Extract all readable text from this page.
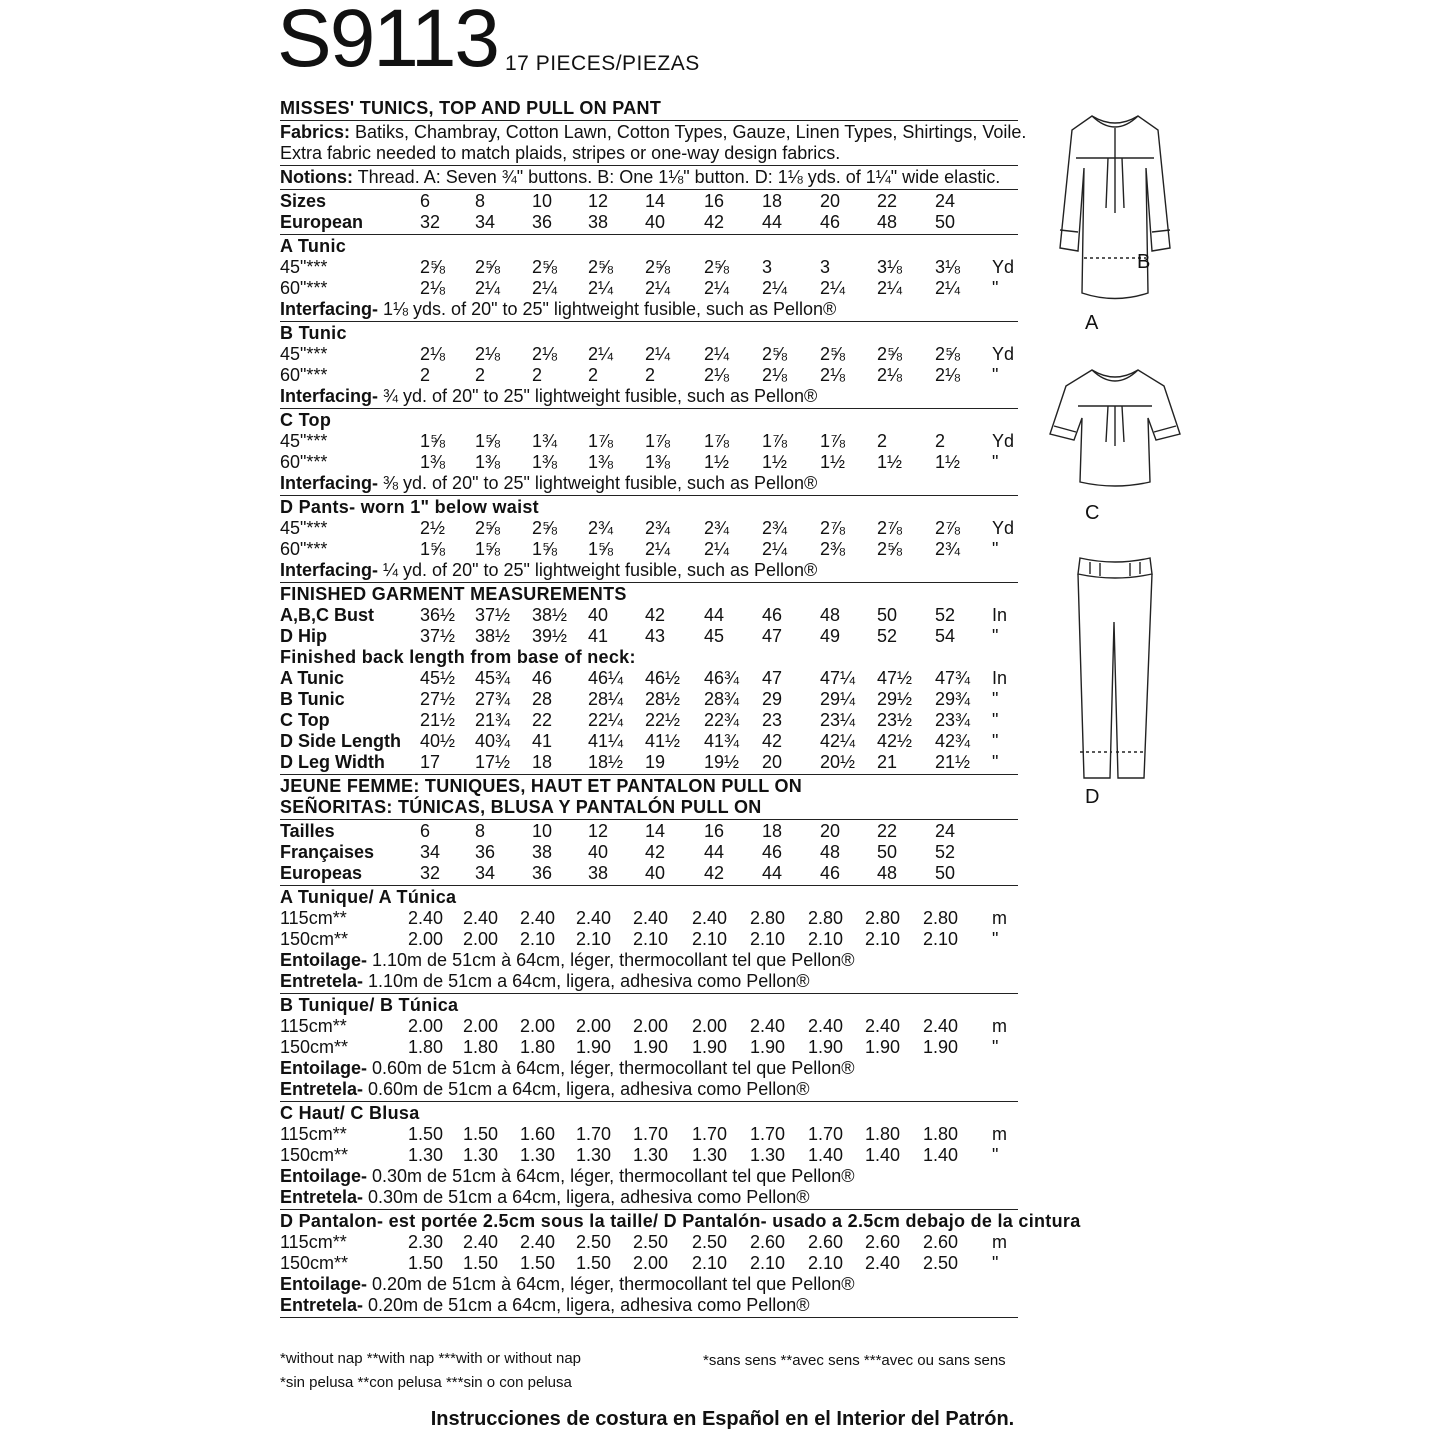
S9113 17 PIECES/PIEZAS
MISSES' TUNICS, TOP AND PULL ON PANT
Fabrics: Batiks, Chambray, Cotton Lawn, Cotton Types, Gauze, Linen Types, Shirtings, Voile.
Extra fabric needed to match plaids, stripes or one-way design fabrics.
Notions: Thread. A: Seven ¾" buttons. B: One 1⅛" button. D: 1⅛ yds. of 1¼" wide elastic.
Sizes	6 8	10 12 14 16 18 20 22 24
European	32 34 36 38 40 42 44 46 48 50
A Tunic
45"***	2⅝ 2⅝ 2⅝ 2⅝ 2⅝ 2⅝ 3	3	3⅛ 3⅛ Yd
60"***	2⅛ 2¼ 2¼ 2¼ 2¼ 2¼ 2¼ 2¼ 2¼ 2¼ "
Interfacing- 1⅛ yds. of 20" to 25" lightweight fusible, such as Pellon®
B Tunic
45"***	2⅛ 2⅛ 2⅛ 2¼ 2¼ 2¼ 2⅝ 2⅝ 2⅝ 2⅝ Yd
60"***	2 2	2	2	2	2⅛ 2⅛ 2⅛ 2⅛ 2⅛ "
Interfacing- ¾ yd. of 20" to 25" lightweight fusible, such as Pellon®
C Top
45"***	1⅝ 1⅝ 1¾ 1⅞ 1⅞ 1⅞ 1⅞ 1⅞ 2	2	Yd
60"***	1⅜ 1⅜ 1⅜ 1⅜ 1⅜ 1½ 1½ 1½ 1½ 1½ "
Interfacing- ⅜ yd. of 20" to 25" lightweight fusible, such as Pellon®
D Pants- worn 1" below waist
45"***	2½ 2⅝ 2⅝ 2¾ 2¾ 2¾ 2¾ 2⅞ 2⅞ 2⅞ Yd
60"***	1⅝ 1⅝ 1⅝ 1⅝ 2¼ 2¼ 2¼ 2⅜ 2⅝ 2¾ "
Interfacing- ¼ yd. of 20" to 25" lightweight fusible, such as Pellon®
FINISHED GARMENT MEASUREMENTS
A,B,C Bust	36½ 37½ 38½ 40 42 44 46 48 50 52 In
D Hip	37½ 38½ 39½ 41 43 45 47 49 52 54 "
Finished back length from base of neck:
A Tunic	45½ 45¾ 46 46¼ 46½ 46¾ 47 47¼ 47½ 47¾ In
B Tunic	27½ 27¾ 28 28¼ 28½ 28¾ 29 29¼ 29½ 29¾ "
C Top	21½ 21¾ 22 22¼ 22½ 22¾ 23 23¼ 23½ 23¾ "
D Side Length 40½ 40¾ 41 41¼ 41½ 41¾ 42 42¼ 42½ 42¾ "
D Leg Width 17 17½ 18 18½ 19 19½ 20 20½ 21 21½ "
JEUNE FEMME: TUNIQUES, HAUT ET PANTALON PULL ON
SEÑORITAS: TÚNICAS, BLUSA Y PANTALÓN PULL ON
Tailles	6 8	10 12 14 16 18 20 22 24
Françaises	34 36 38 40 42 44 46 48 50 52
Europeas	32 34 36 38 40 42 44 46 48 50
A Tunique/ A Túnica
115cm**	2.40 2.40 2.40 2.40 2.40 2.40 2.80 2.80 2.80 2.80 m
150cm**	2.00 2.00 2.10 2.10 2.10 2.10 2.10 2.10 2.10 2.10 "
Entoilage- 1.10m de 51cm à 64cm, léger, thermocollant tel que Pellon®
Entretela- 1.10m de 51cm a 64cm, ligera, adhesiva como Pellon®
B Tunique/ B Túnica
115cm**	2.00 2.00 2.00 2.00 2.00 2.00 2.40 2.40 2.40 2.40 m
150cm**	1.80 1.80 1.80 1.90 1.90 1.90 1.90 1.90 1.90 1.90 "
Entoilage- 0.60m de 51cm à 64cm, léger, thermocollant tel que Pellon®
Entretela- 0.60m de 51cm a 64cm, ligera, adhesiva como Pellon®
C Haut/ C Blusa
115cm**	1.50 1.50 1.60 1.70 1.70 1.70 1.70 1.70 1.80 1.80 m
150cm**	1.30 1.30 1.30 1.30 1.30 1.30 1.30 1.40 1.40 1.40 "
Entoilage- 0.30m de 51cm à 64cm, léger, thermocollant tel que Pellon®
Entretela- 0.30m de 51cm a 64cm, ligera, adhesiva como Pellon®
D Pantalon- est portée 2.5cm sous la taille/ D Pantalón- usado a 2.5cm debajo de la cintura
115cm**	2.30 2.40 2.40 2.50 2.50 2.50 2.60 2.60 2.60 2.60 m
150cm**	1.50 1.50 1.50 1.50 2.00 2.10 2.10 2.10 2.40 2.50 "
Entoilage- 0.20m de 51cm à 64cm, léger, thermocollant tel que Pellon®
Entretela- 0.20m de 51cm a 64cm, ligera, adhesiva como Pellon®
*without nap **with nap ***with or without nap
*sin pelusa **con pelusa ***sin o con pelusa
*sans sens **avec sens ***avec ou sans sens
Instrucciones de costura en Español en el Interior del Patrón.
B
A
C
D
